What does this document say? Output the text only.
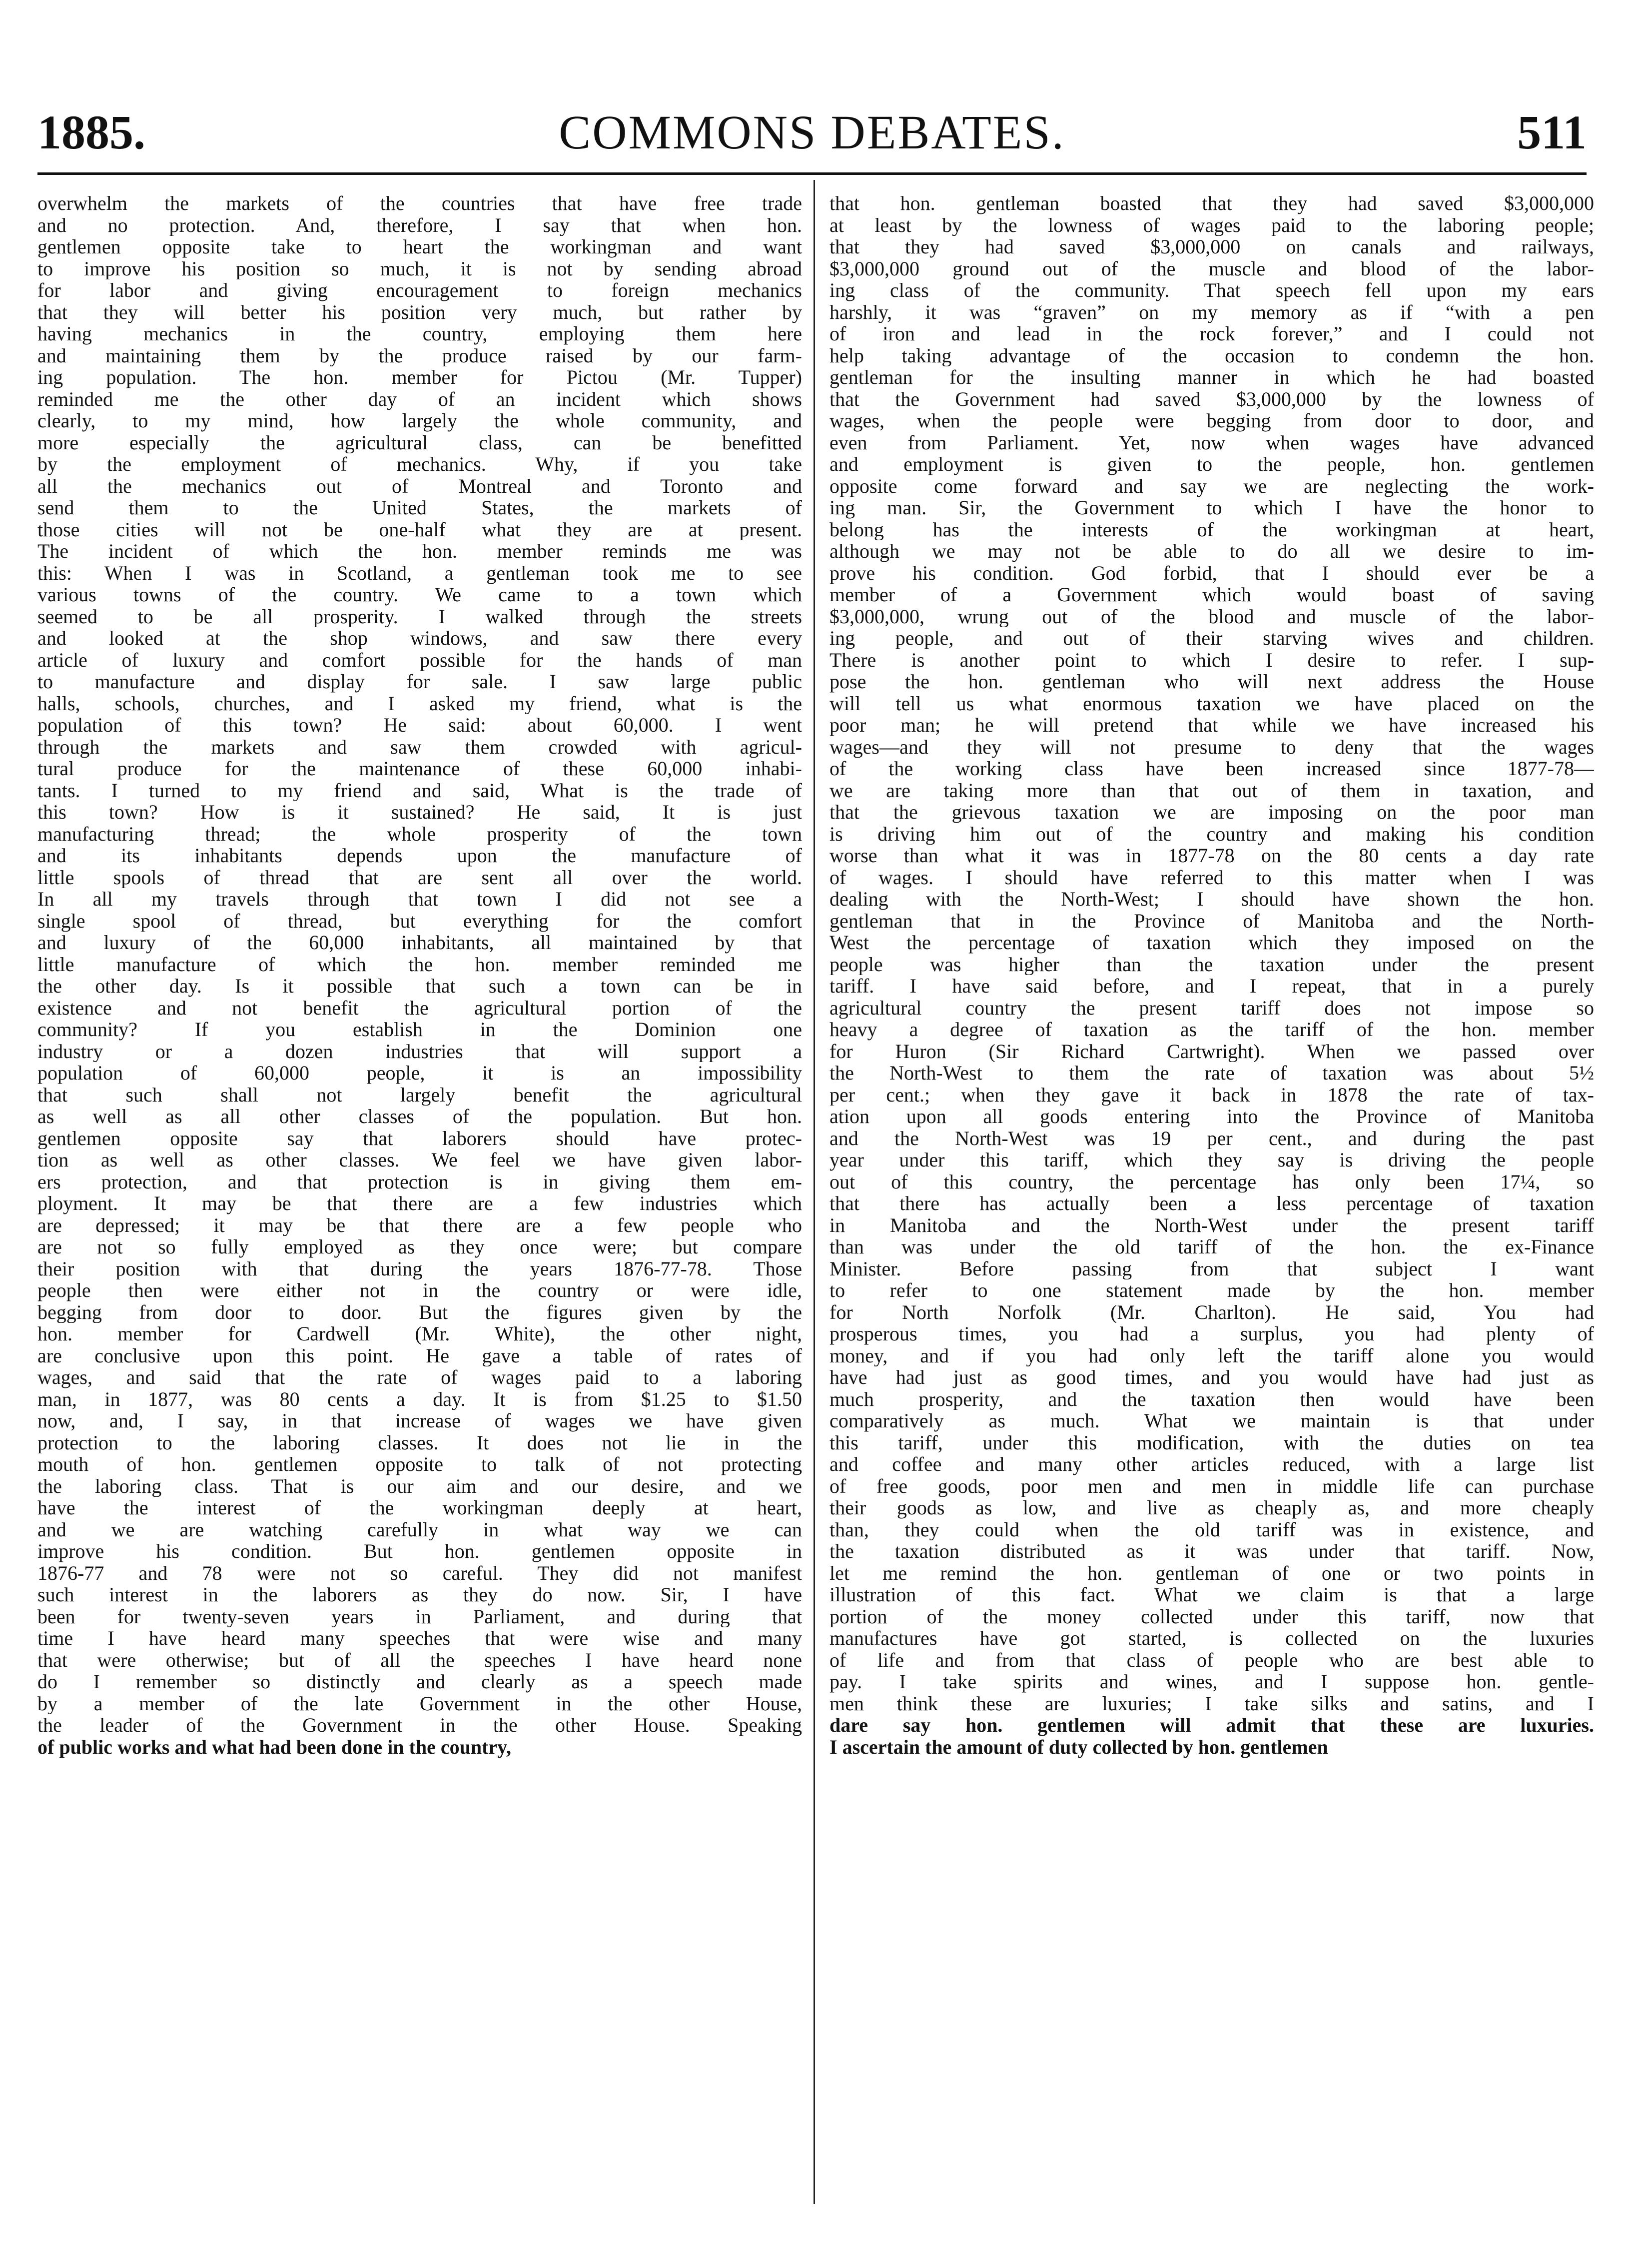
1885.	COMMONS DEBATES.	511
overwhelm the markets of the countries that have free trade
and no protection. And, therefore, I say that when hon.
gentlemen opposite take to heart the workingman and want
to improve his position so much, it is not by sending abroad
for labor and giving encouragement to foreign mechanics
that they will better his position very much, but rather by
having mechanics in the country, employing them here
and maintaining them by the produce raised by our farm-
ing population. The hon. member for Pictou (Mr. Tupper)
reminded me the other day of an incident which shows
clearly, to my mind, how largely the whole community, and
more especially the agricultural class, can be benefitted
by the employment of mechanics. Why, if you take
all the mechanics out of Montreal and Toronto and
send them to the United States, the markets of
those cities will not be one-half what they are at present.
The incident of which the hon. member reminds me was
this: When I was in Scotland, a gentleman took me to see
various towns of the country. We came to a town which
seemed to be all prosperity. I walked through the streets
and looked at the shop windows, and saw there every
article of luxury and comfort possible for the hands of man
to manufacture and display for sale. I saw large public
halls, schools, churches, and I asked my friend, what is the
population of this town? He said: about 60,000. I went
through the markets and saw them crowded with agricul-
tural produce for the maintenance of these 60,000 inhabi-
tants. I turned to my friend and said, What is the trade of
this town? How is it sustained? He said, It is just
manufacturing thread; the whole prosperity of the town
and its inhabitants depends upon the manufacture of
little spools of thread that are sent all over the world.
In all my travels through that town I did not see a
single spool of thread, but everything for the comfort
and luxury of the 60,000 inhabitants, all maintained by that
little manufacture of which the hon. member reminded me
the other day. Is it possible that such a town can be in
existence and not benefit the agricultural portion of the
community? If you establish in the Dominion one
industry or a dozen industries that will support a
population of 60,000 people, it is an impossibility
that such shall not largely benefit the agricultural
as well as all other classes of the population. But hon.
gentlemen opposite say that laborers should have protec-
tion as well as other classes. We feel we have given labor-
ers protection, and that protection is in giving them em-
ployment. It may be that there are a few industries which
are depressed; it may be that there are a few people who
are not so fully employed as they once were; but compare
their position with that during the years 1876-77-78. Those
people then were either not in the country or were idle,
begging from door to door. But the figures given by the
hon. member for Cardwell (Mr. White), the other night,
are conclusive upon this point. He gave a table of rates of
wages, and said that the rate of wages paid to a laboring
man, in 1877, was 80 cents a day. It is from $1.25 to $1.50
now, and, I say, in that increase of wages we have given
protection to the laboring classes. It does not lie in the
mouth of hon. gentlemen opposite to talk of not protecting
the laboring class. That is our aim and our desire, and we
have the interest of the workingman deeply at heart,
and we are watching carefully in what way we can
improve his condition. But hon. gentlemen opposite in
1876-77 and 78 were not so careful. They did not manifest
such interest in the laborers as they do now. Sir, I have
been for twenty-seven years in Parliament, and during that
time I have heard many speeches that were wise and many
that were otherwise; but of all the speeches I have heard none
do I remember so distinctly and clearly as a speech made
by a member of the late Government in the other House,
the leader of the Government in the other House. Speaking
of public works and what had been done in the country,
that hon. gentleman boasted that they had saved $3,000,000
at least by the lowness of wages paid to the laboring people;
that they had saved $3,000,000 on canals and railways,
$3,000,000 ground out of the muscle and blood of the labor-
ing class of the community. That speech fell upon my ears
harshly, it was “graven” on my memory as if “with a pen
of iron and lead in the rock forever,” and I could not
help taking advantage of the occasion to condemn the hon.
gentleman for the insulting manner in which he had boasted
that the Government had saved $3,000,000 by the lowness of
wages, when the people were begging from door to door, and
even from Parliament. Yet, now when wages have advanced
and employment is given to the people, hon. gentlemen
opposite come forward and say we are neglecting the work-
ing man. Sir, the Government to which I have the honor to
belong has the interests of the workingman at heart,
although we may not be able to do all we desire to im-
prove his condition. God forbid, that I should ever be a
member of a Government which would boast of saving
$3,000,000, wrung out of the blood and muscle of the labor-
ing people, and out of their starving wives and children.
There is another point to which I desire to refer. I sup-
pose the hon. gentleman who will next address the House
will tell us what enormous taxation we have placed on the
poor man; he will pretend that while we have increased his
wages—and they will not presume to deny that the wages
of the working class have been increased since 1877-78—
we are taking more than that out of them in taxation, and
that the grievous taxation we are imposing on the poor man
is driving him out of the country and making his condition
worse than what it was in 1877-78 on the 80 cents a day rate
of wages. I should have referred to this matter when I was
dealing with the North-West; I should have shown the hon.
gentleman that in the Province of Manitoba and the North-
West the percentage of taxation which they imposed on the
people was higher than the taxation under the present
tariff. I have said before, and I repeat, that in a purely
agricultural country the present tariff does not impose so
heavy a degree of taxation as the tariff of the hon. member
for Huron (Sir Richard Cartwright). When we passed over
the North-West to them the rate of taxation was about 5½
per cent.; when they gave it back in 1878 the rate of tax-
ation upon all goods entering into the Province of Manitoba
and the North-West was 19 per cent., and during the past
year under this tariff, which they say is driving the people
out of this country, the percentage has only been 17¼, so
that there has actually been a less percentage of taxation
in Manitoba and the North-West under the present tariff
than was under the old tariff of the hon. the ex-Finance
Minister. Before passing from that subject I want
to refer to one statement made by the hon. member
for North Norfolk (Mr. Charlton). He said, You had
prosperous times, you had a surplus, you had plenty of
money, and if you had only left the tariff alone you would
have had just as good times, and you would have had just as
much prosperity, and the taxation then would have been
comparatively as much. What we maintain is that under
this tariff, under this modification, with the duties on tea
and coffee and many other articles reduced, with a large list
of free goods, poor men and men in middle life can purchase
their goods as low, and live as cheaply as, and more cheaply
than, they could when the old tariff was in existence, and
the taxation distributed as it was under that tariff. Now,
let me remind the hon. gentleman of one or two points in
illustration of this fact. What we claim is that a large
portion of the money collected under this tariff, now that
manufactures have got started, is collected on the luxuries
of life and from that class of people who are best able to
pay. I take spirits and wines, and I suppose hon. gentle-
men think these are luxuries; I take silks and satins, and I
dare say hon. gentlemen will admit that these are luxuries.
I ascertain the amount of duty collected by hon. gentlemen
